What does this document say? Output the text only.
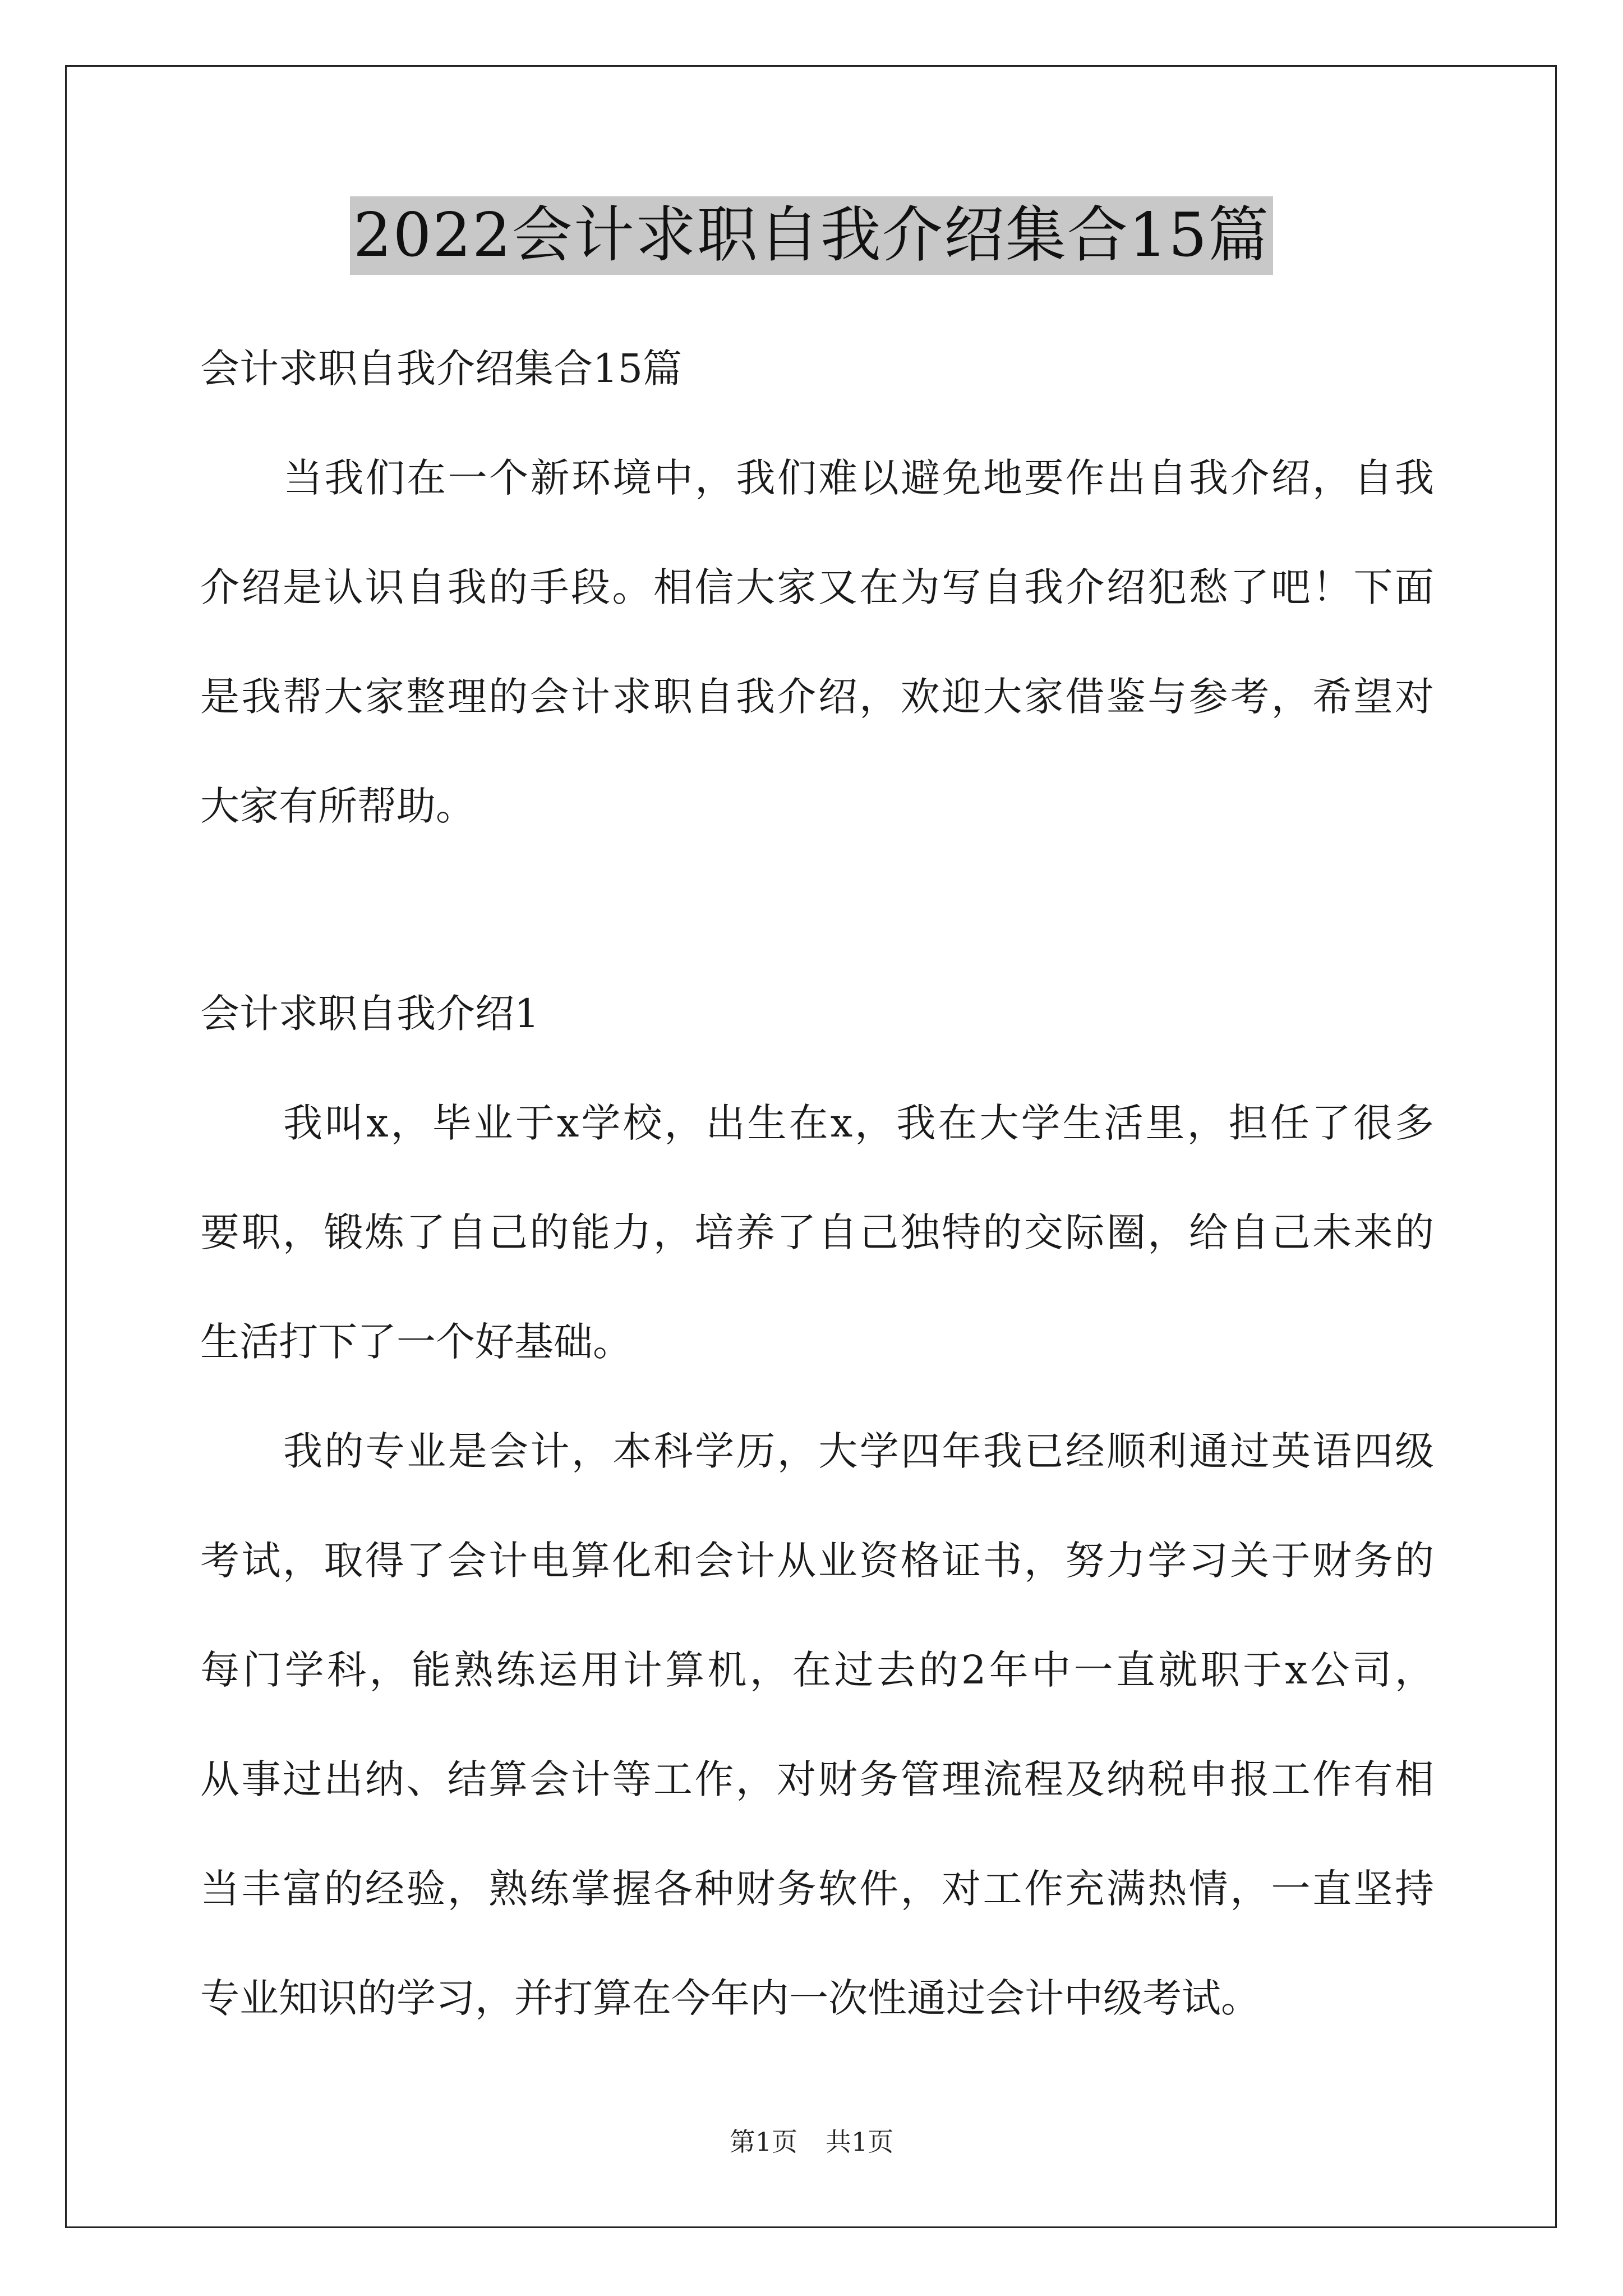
2022会计求职自我介绍集合15篇
会计求职自我介绍集合15篇
当我们在一个新环境中，我们难以避免地要作出自我介绍，自我
介绍是认识自我的手段。相信大家又在为写自我介绍犯愁了吧！下面
是我帮大家整理的会计求职自我介绍，欢迎大家借鉴与参考，希望对
大家有所帮助。
会计求职自我介绍1
我叫x，毕业于x学校，出生在x，我在大学生活里，担任了很多
要职，锻炼了自己的能力，培养了自己独特的交际圈，给自己未来的
生活打下了一个好基础。
我的专业是会计，本科学历，大学四年我已经顺利通过英语四级
考试，取得了会计电算化和会计从业资格证书，努力学习关于财务的
每门学科，能熟练运用计算机，在过去的2年中一直就职于x公司，
从事过出纳、结算会计等工作，对财务管理流程及纳税申报工作有相
当丰富的经验，熟练掌握各种财务软件，对工作充满热情，一直坚持
专业知识的学习，并打算在今年内一次性通过会计中级考试。
第1页 共1页
